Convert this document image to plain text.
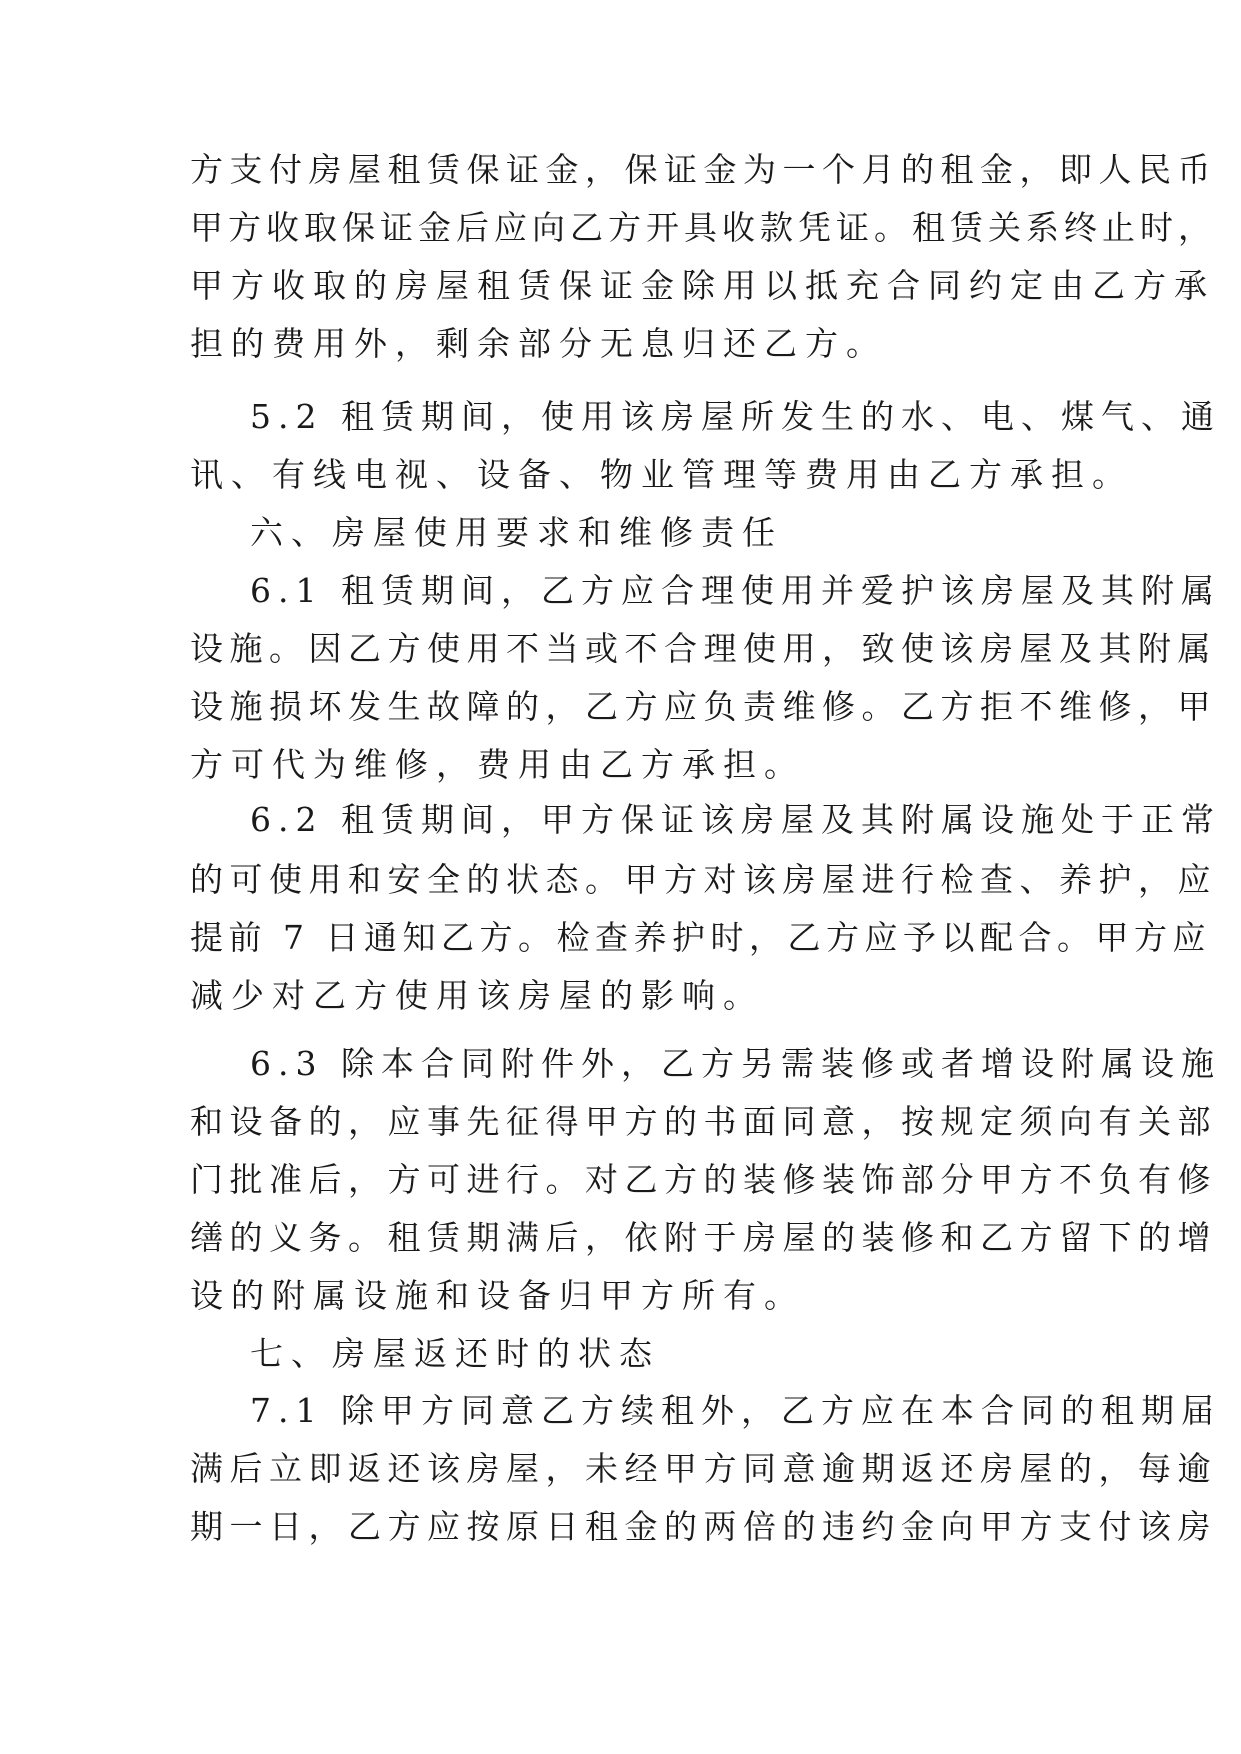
方支付房屋租赁保证金，保证金为一个月的租金，即人民币
甲方收取保证金后应向乙方开具收款凭证。租赁关系终止时，
甲方收取的房屋租赁保证金除用以抵充合同约定由乙方承
担的费用外，剩余部分无息归还乙方。
5.2 租赁期间，使用该房屋所发生的水、电、煤气、通
讯、有线电视、设备、物业管理等费用由乙方承担。
六、房屋使用要求和维修责任
6.1 租赁期间，乙方应合理使用并爱护该房屋及其附属
设施。因乙方使用不当或不合理使用，致使该房屋及其附属
设施损坏发生故障的，乙方应负责维修。乙方拒不维修，甲
方可代为维修，费用由乙方承担。
6.2 租赁期间，甲方保证该房屋及其附属设施处于正常
的可使用和安全的状态。甲方对该房屋进行检查、养护，应
提前 7 日通知乙方。检查养护时，乙方应予以配合。甲方应
减少对乙方使用该房屋的影响。
6.3 除本合同附件外，乙方另需装修或者增设附属设施
和设备的，应事先征得甲方的书面同意，按规定须向有关部
门批准后，方可进行。对乙方的装修装饰部分甲方不负有修
缮的义务。租赁期满后，依附于房屋的装修和乙方留下的增
设的附属设施和设备归甲方所有。
七、房屋返还时的状态
7.1 除甲方同意乙方续租外，乙方应在本合同的租期届
满后立即返还该房屋，未经甲方同意逾期返还房屋的，每逾
期一日，乙方应按原日租金的两倍的违约金向甲方支付该房
